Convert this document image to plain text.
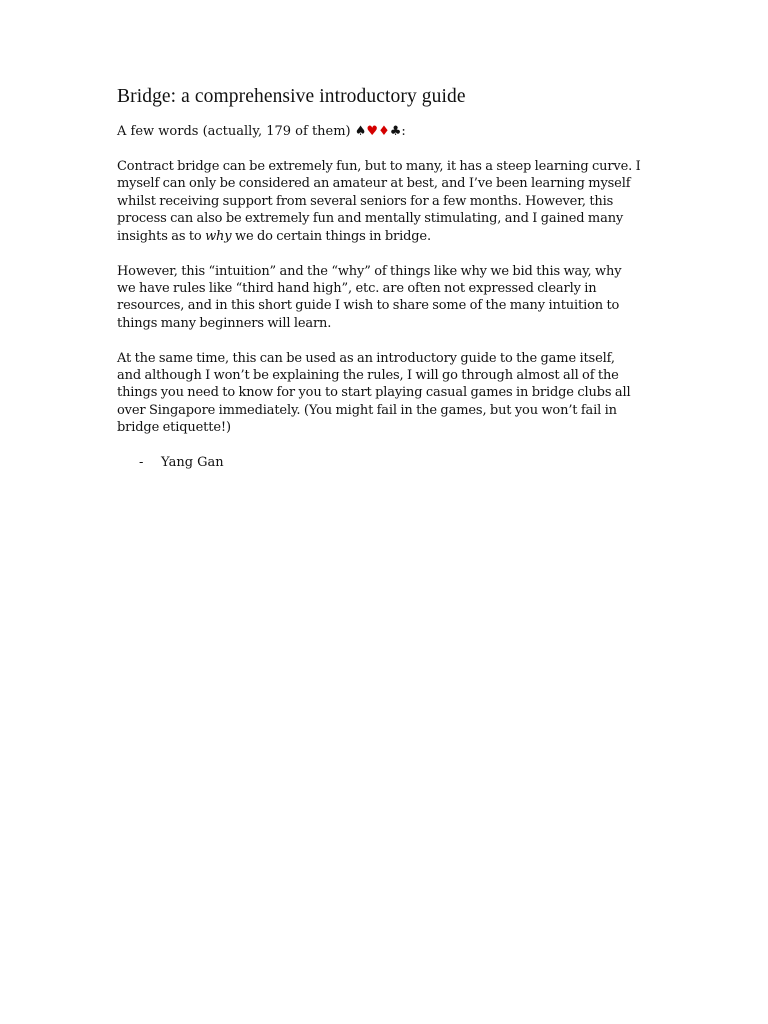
Bridge: a comprehensive introductory guide

A few words (actually, 179 of them) ♠♥♦♣:

Contract bridge can be extremely fun, but to many, it has a steep learning curve. I
myself can only be considered an amateur at best, and I’ve been learning myself
whilst receiving support from several seniors for a few months. However, this
process can also be extremely fun and mentally stimulating, and I gained many
insights as to why we do certain things in bridge.

However, this “intuition” and the “why” of things like why we bid this way, why
we have rules like “third hand high”, etc. are often not expressed clearly in
resources, and in this short guide I wish to share some of the many intuition to
things many beginners will learn.

At the same time, this can be used as an introductory guide to the game itself,
and although I won’t be explaining the rules, I will go through almost all of the
things you need to know for you to start playing casual games in bridge clubs all
over Singapore immediately. (You might fail in the games, but you won’t fail in
bridge etiquette!)

-	Yang Gan
